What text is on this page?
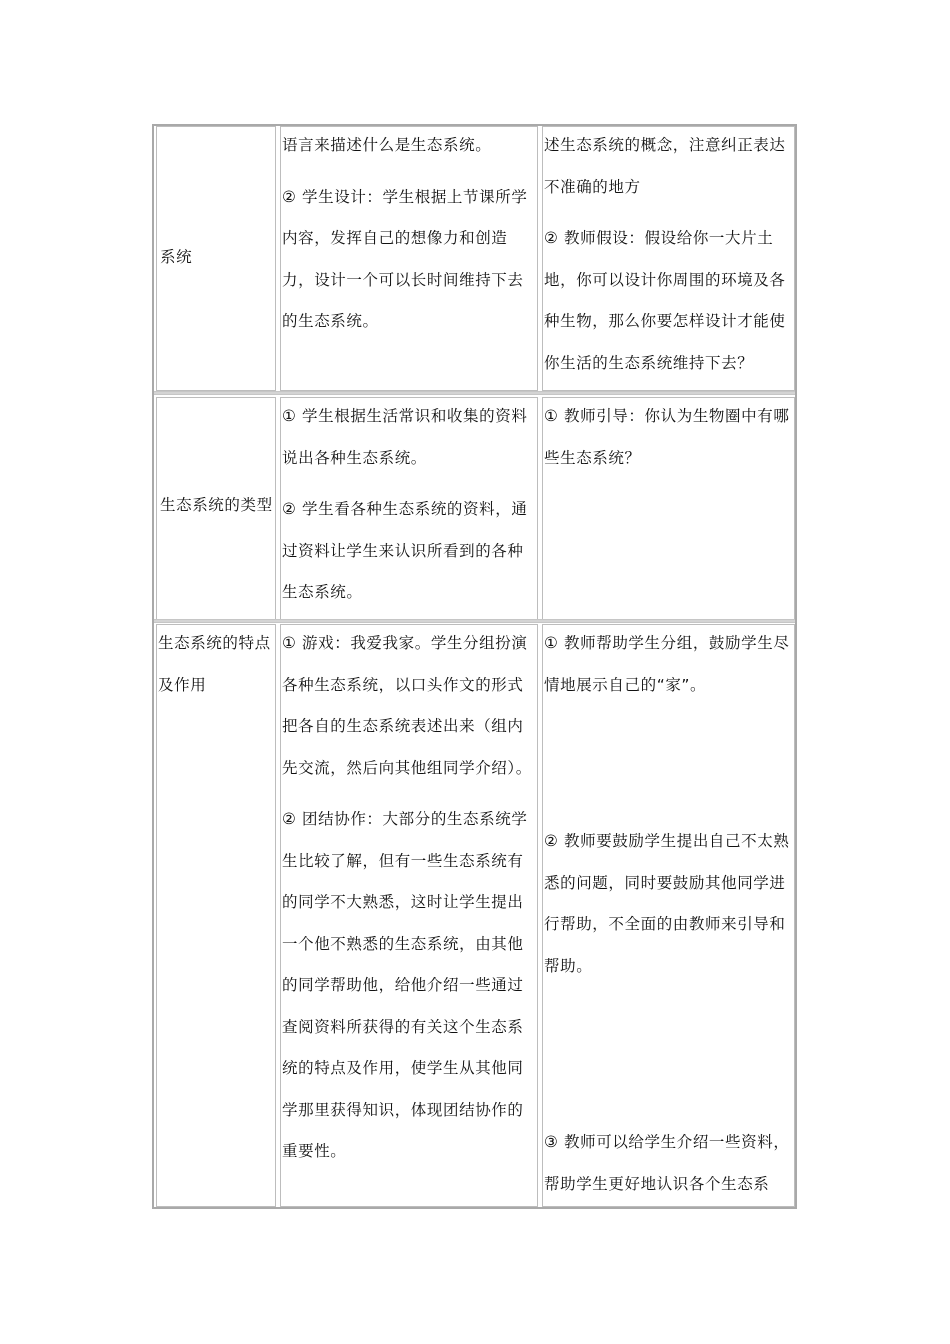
系统
语言来描述什么是生态系统。
② 学生设计：学生根据上节课所学内容，发挥自己的想像力和创造力，设计一个可以长时间维持下去的生态系统。
述生态系统的概念，注意纠正表达不准确的地方
② 教师假设：假设给你一大片土地，你可以设计你周围的环境及各种生物，那么你要怎样设计才能使你生活的生态系统维持下去？
生态系统的类型
① 学生根据生活常识和收集的资料说出各种生态系统。
② 学生看各种生态系统的资料，通过资料让学生来认识所看到的各种生态系统。
① 教师引导：你认为生物圈中有哪些生态系统？
生态系统的特点及作用
① 游戏：我爱我家。学生分组扮演各种生态系统，以口头作文的形式把各自的生态系统表述出来（组内先交流，然后向其他组同学介绍）。
② 团结协作：大部分的生态系统学生比较了解，但有一些生态系统有的同学不大熟悉，这时让学生提出一个他不熟悉的生态系统，由其他的同学帮助他，给他介绍一些通过查阅资料所获得的有关这个生态系统的特点及作用，使学生从其他同学那里获得知识，体现团结协作的重要性。
① 教师帮助学生分组，鼓励学生尽情地展示自己的“家”。
② 教师要鼓励学生提出自己不太熟悉的问题，同时要鼓励其他同学进行帮助，不全面的由教师来引导和帮助。
③ 教师可以给学生介绍一些资料，帮助学生更好地认识各个生态系
